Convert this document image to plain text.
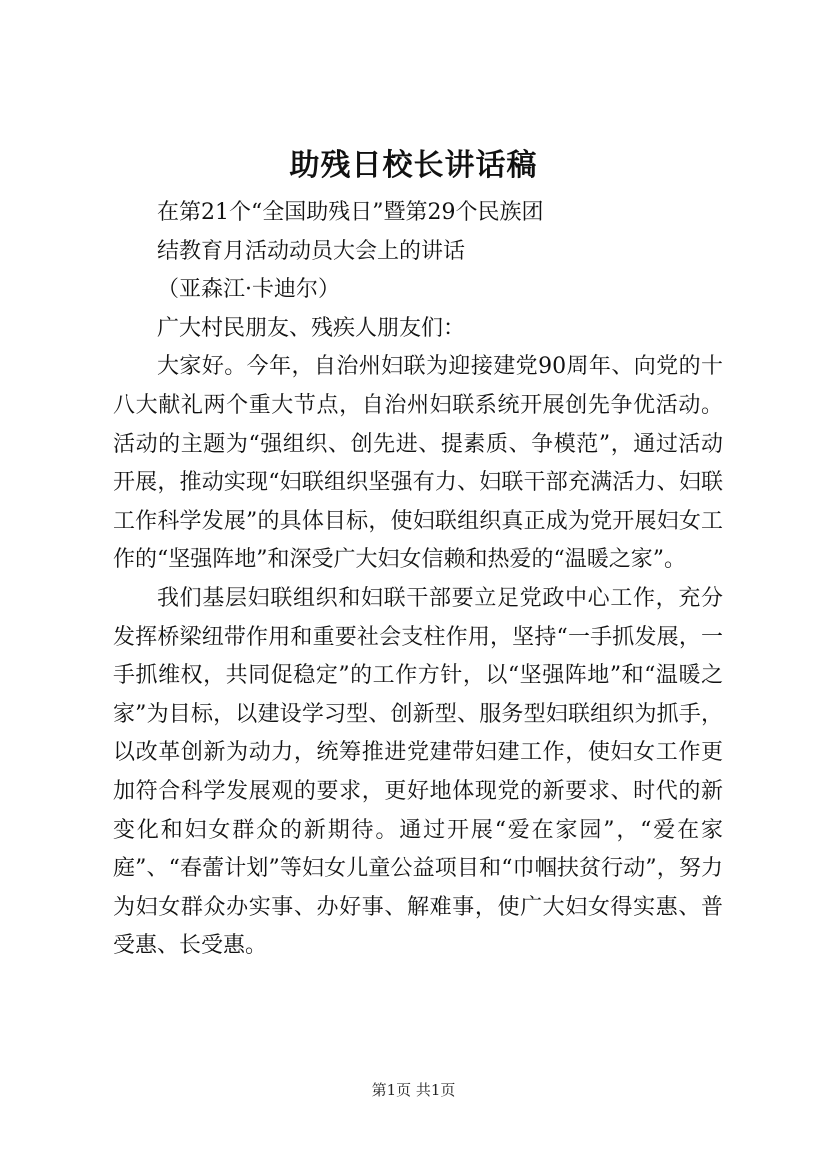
助残日校长讲话稿

在第21个“全国助残日”暨第29个民族团

结教育月活动动员大会上的讲话

（亚森江·卡迪尔）

广大村民朋友、残疾人朋友们：

大家好。今年，自治州妇联为迎接建党90周年、向党的十八大献礼两个重大节点，自治州妇联系统开展创先争优活动。活动的主题为“强组织、创先进、提素质、争模范”，通过活动开展，推动实现“妇联组织坚强有力、妇联干部充满活力、妇联工作科学发展”的具体目标，使妇联组织真正成为党开展妇女工作的“坚强阵地”和深受广大妇女信赖和热爱的“温暖之家”。

我们基层妇联组织和妇联干部要立足党政中心工作，充分发挥桥梁纽带作用和重要社会支柱作用，坚持“一手抓发展，一手抓维权，共同促稳定”的工作方针，以“坚强阵地”和“温暖之家”为目标，以建设学习型、创新型、服务型妇联组织为抓手，以改革创新为动力，统筹推进党建带妇建工作，使妇女工作更加符合科学发展观的要求，更好地体现党的新要求、时代的新变化和妇女群众的新期待。通过开展“爱在家园”，“爱在家庭”、“春蕾计划”等妇女儿童公益项目和“巾帼扶贫行动”，努力为妇女群众办实事、办好事、解难事，使广大妇女得实惠、普受惠、长受惠。

第1页 共1页
